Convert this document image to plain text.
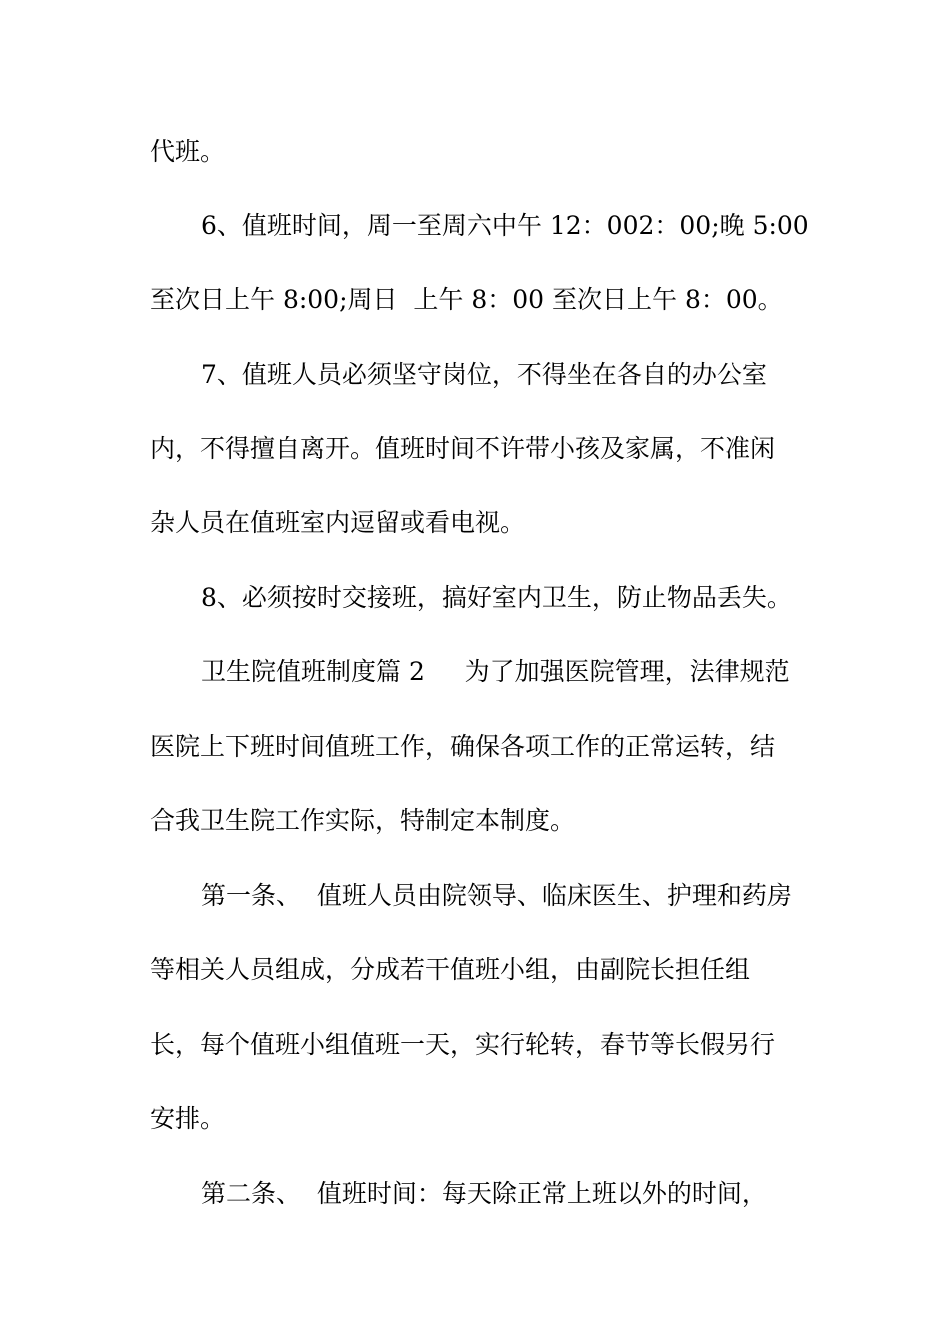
代班。
6、值班时间，周一至周六中午 12：002：00;晚 5:00
至次日上午 8:00;周日  上午 8：00 至次日上午 8：00。
7、值班人员必须坚守岗位，不得坐在各自的办公室
内，不得擅自离开。值班时间不许带小孩及家属，不准闲
杂人员在值班室内逗留或看电视。
8、必须按时交接班，搞好室内卫生，防止物品丢失。
卫生院值班制度篇 2     为了加强医院管理，法律规范
医院上下班时间值班工作，确保各项工作的正常运转，结
合我卫生院工作实际，特制定本制度。
第一条、  值班人员由院领导、临床医生、护理和药房
等相关人员组成，分成若干值班小组，由副院长担任组
长，每个值班小组值班一天，实行轮转，春节等长假另行
安排。
第二条、  值班时间：每天除正常上班以外的时间，
